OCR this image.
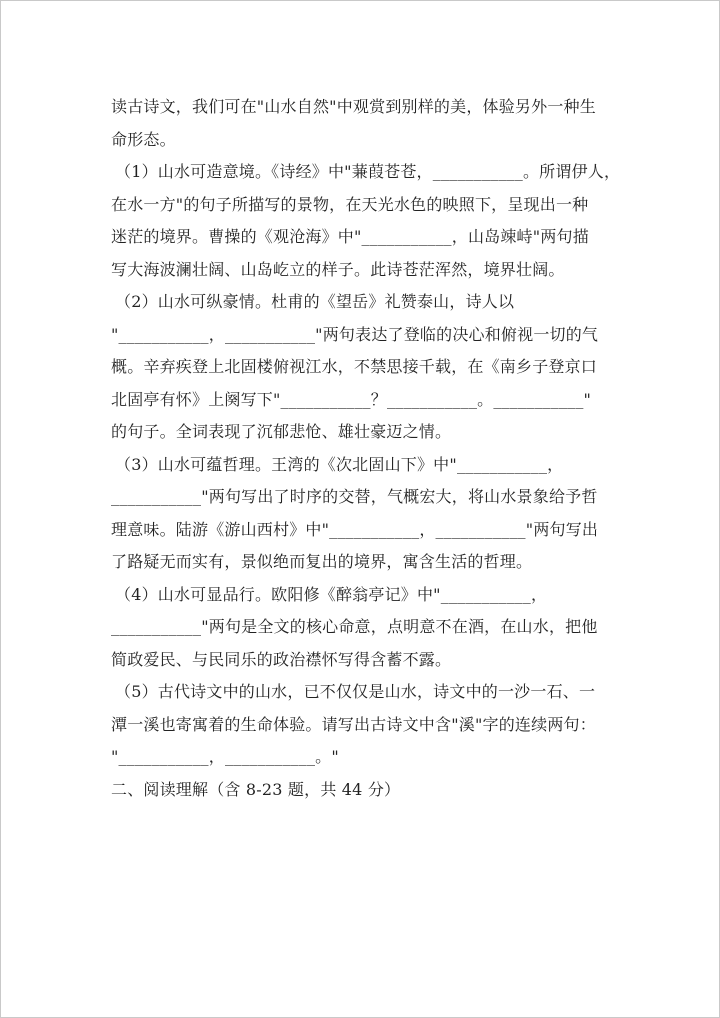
读古诗文，我们可在"山水自然"中观赏到别样的美，体验另外一种生
命形态。
（1）山水可造意境。《诗经》中"蒹葭苍苍，___________。所谓伊人，
在水一方"的句子所描写的景物，在天光水色的映照下，呈现出一种
迷茫的境界。曹操的《观沧海》中"___________，山岛竦峙"两句描
写大海波澜壮阔、山岛屹立的样子。此诗苍茫浑然，境界壮阔。
（2）山水可纵豪情。杜甫的《望岳》礼赞泰山，诗人以
"___________，___________"两句表达了登临的决心和俯视一切的气
概。辛弃疾登上北固楼俯视江水，不禁思接千载，在《南乡子登京口
北固亭有怀》上阕写下"___________？___________。___________"
的句子。全词表现了沉郁悲怆、雄壮豪迈之情。
（3）山水可蕴哲理。王湾的《次北固山下》中"___________，
___________"两句写出了时序的交替，气概宏大，将山水景象给予哲
理意味。陆游《游山西村》中"___________，___________"两句写出
了路疑无而实有，景似绝而复出的境界，寓含生活的哲理。
（4）山水可显品行。欧阳修《醉翁亭记》中"___________，
___________"两句是全文的核心命意，点明意不在酒，在山水，把他
简政爱民、与民同乐的政治襟怀写得含蓄不露。
（5）古代诗文中的山水，已不仅仅是山水，诗文中的一沙一石、一
潭一溪也寄寓着的生命体验。请写出古诗文中含"溪"字的连续两句：
"___________，___________。"
二、阅读理解（含 8-23 题，共 44 分）
